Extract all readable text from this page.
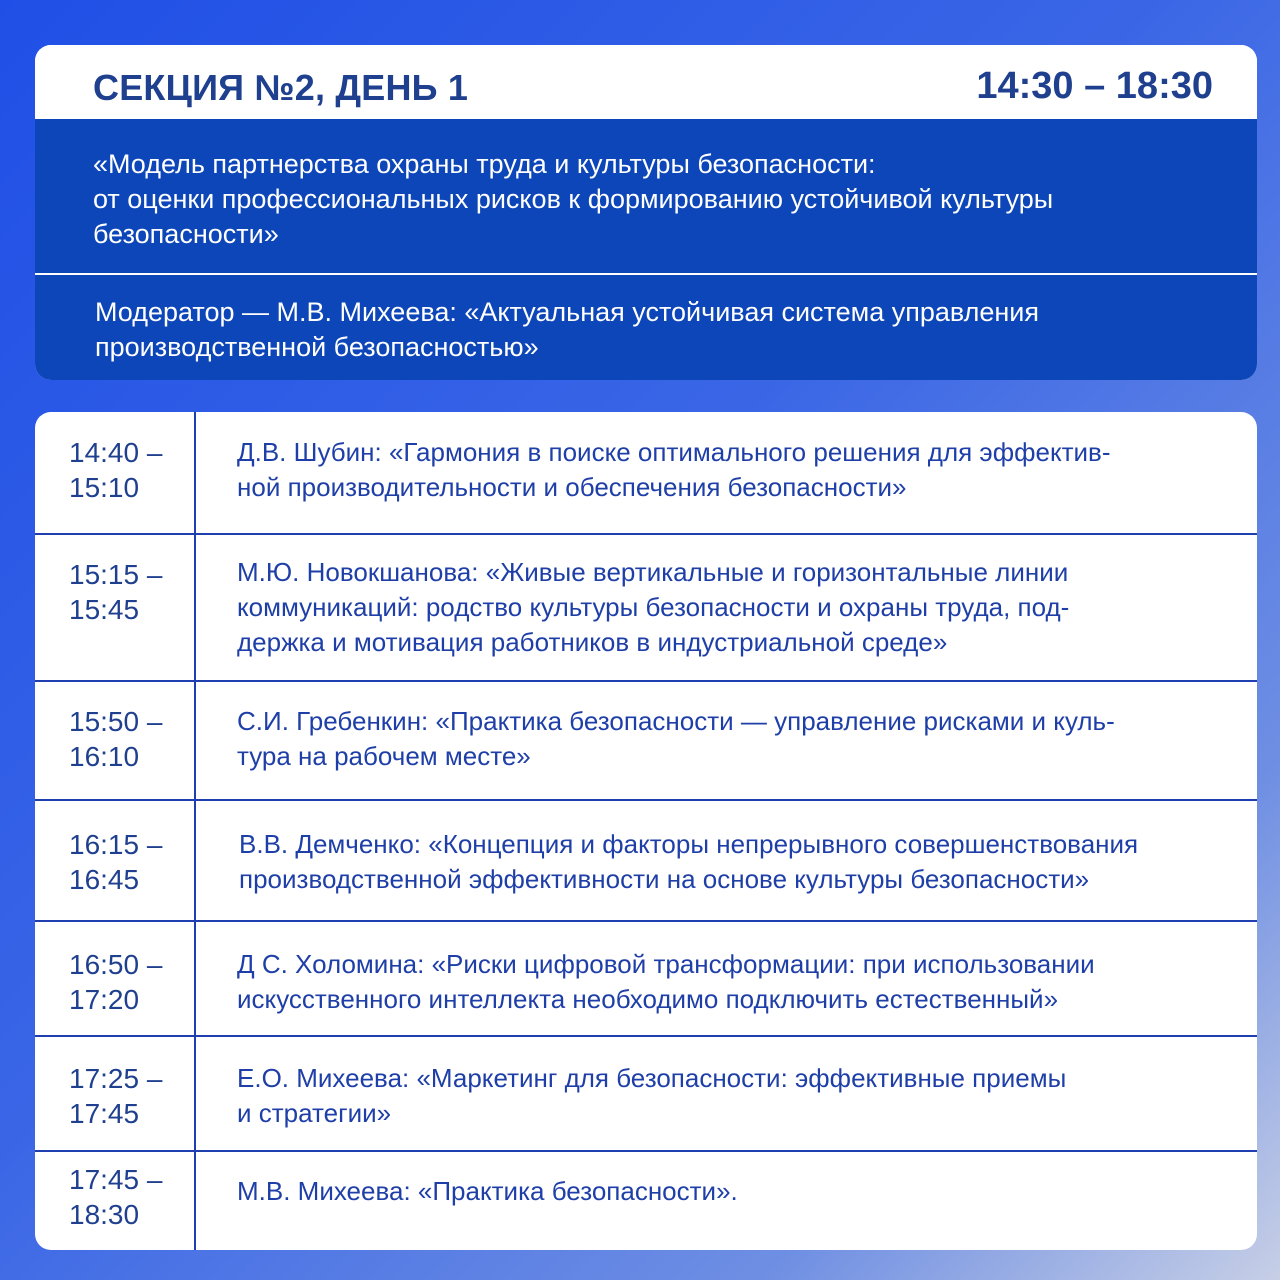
СЕКЦИЯ №2, ДЕНЬ 1	14:30 – 18:30
«Модель партнерства охраны труда и культуры безопасности:
от оценки профессиональных рисков к формированию устойчивой культуры
безопасности»
Модератор — М.В. Михеева: «Актуальная устойчивая система управления
производственной безопасностью»
14:40 –
15:10
Д.В. Шубин: «Гармония в поиске оптимального решения для эффектив-
ной производительности и обеспечения безопасности»
15:15 –
15:45
М.Ю. Новокшанова: «Живые вертикальные и горизонтальные линии
коммуникаций: родство культуры безопасности и охраны труда, под-
держка и мотивация работников в индустриальной среде»
15:50 –
16:10
С.И. Гребенкин: «Практика безопасности — управление рисками и куль-
тура на рабочем месте»
16:15 –
16:45
В.В. Демченко: «Концепция и факторы непрерывного совершенствования
производственной эффективности на основе культуры безопасности»
16:50 –
17:20
Д С. Холомина: «Риски цифровой трансформации: при использовании
искусственного интеллекта необходимо подключить естественный»
17:25 –
17:45
Е.О. Михеева: «Маркетинг для безопасности: эффективные приемы
и стратегии»
17:45 –
18:30
М.В. Михеева: «Практика безопасности».
